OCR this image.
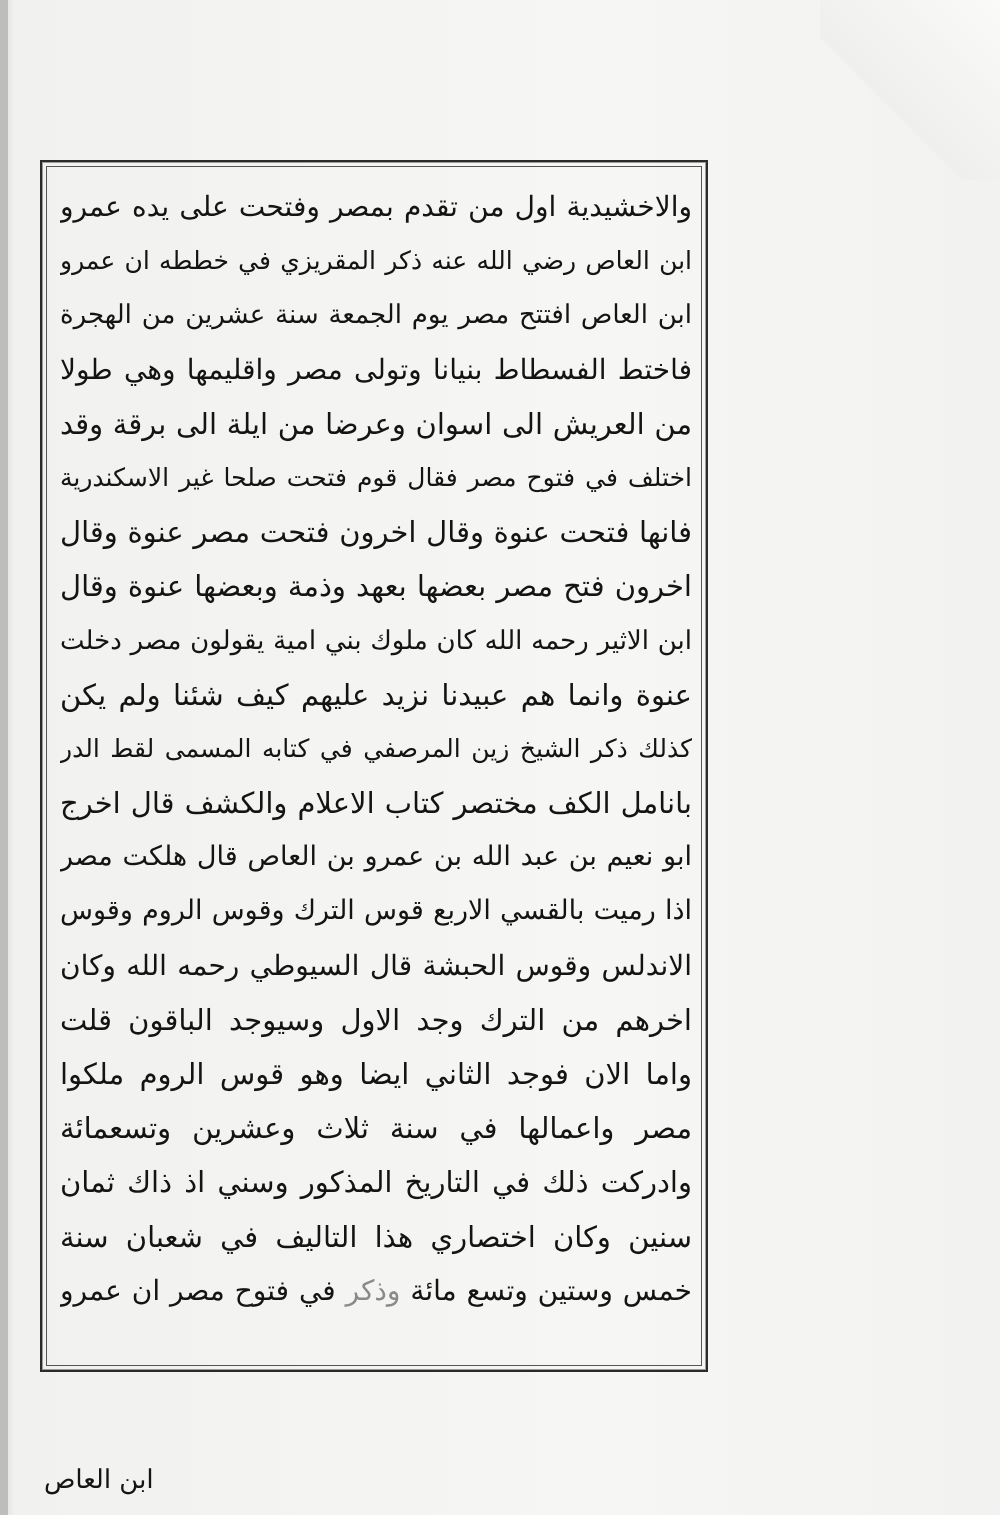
والاخشيدية اول من تقدم بمصر وفتحت على يده عمرو
ابن العاص رضي الله عنه ذكر المقريزي في خططه ان عمرو
ابن العاص افتتح مصر يوم الجمعة سنة عشرين من الهجرة
فاختط الفسطاط بنيانا وتولى مصر واقليمها وهي طولا
من العريش الى اسوان وعرضا من ايلة الى برقة وقد
اختلف في فتوح مصر فقال قوم فتحت صلحا غير الاسكندرية
فانها فتحت عنوة وقال اخرون فتحت مصر عنوة وقال
اخرون فتح مصر بعضها بعهد وذمة وبعضها عنوة وقال
ابن الاثير رحمه الله كان ملوك بني امية يقولون مصر دخلت
عنوة وانما هم عبيدنا نزيد عليهم كيف شئنا ولم يكن
كذلك ذكر الشيخ زين المرصفي في كتابه المسمى لقط الدر
بانامل الكف مختصر كتاب الاعلام والكشف قال اخرج
ابو نعيم بن عبد الله بن عمرو بن العاص قال هلكت مصر
اذا رميت بالقسي الاربع قوس الترك وقوس الروم وقوس
الاندلس وقوس الحبشة قال السيوطي رحمه الله وكان
اخرهم من الترك وجد الاول وسيوجد الباقون قلت
واما الان فوجد الثاني ايضا وهو قوس الروم ملكوا
مصر واعمالها في سنة ثلاث وعشرين وتسعمائة
وادركت ذلك في التاريخ المذكور وسني اذ ذاك ثمان
سنين وكان اختصاري هذا التاليف في شعبان سنة
خمس وستين وتسع مائة وذكر في فتوح مصر ان عمرو
ابن العاص
